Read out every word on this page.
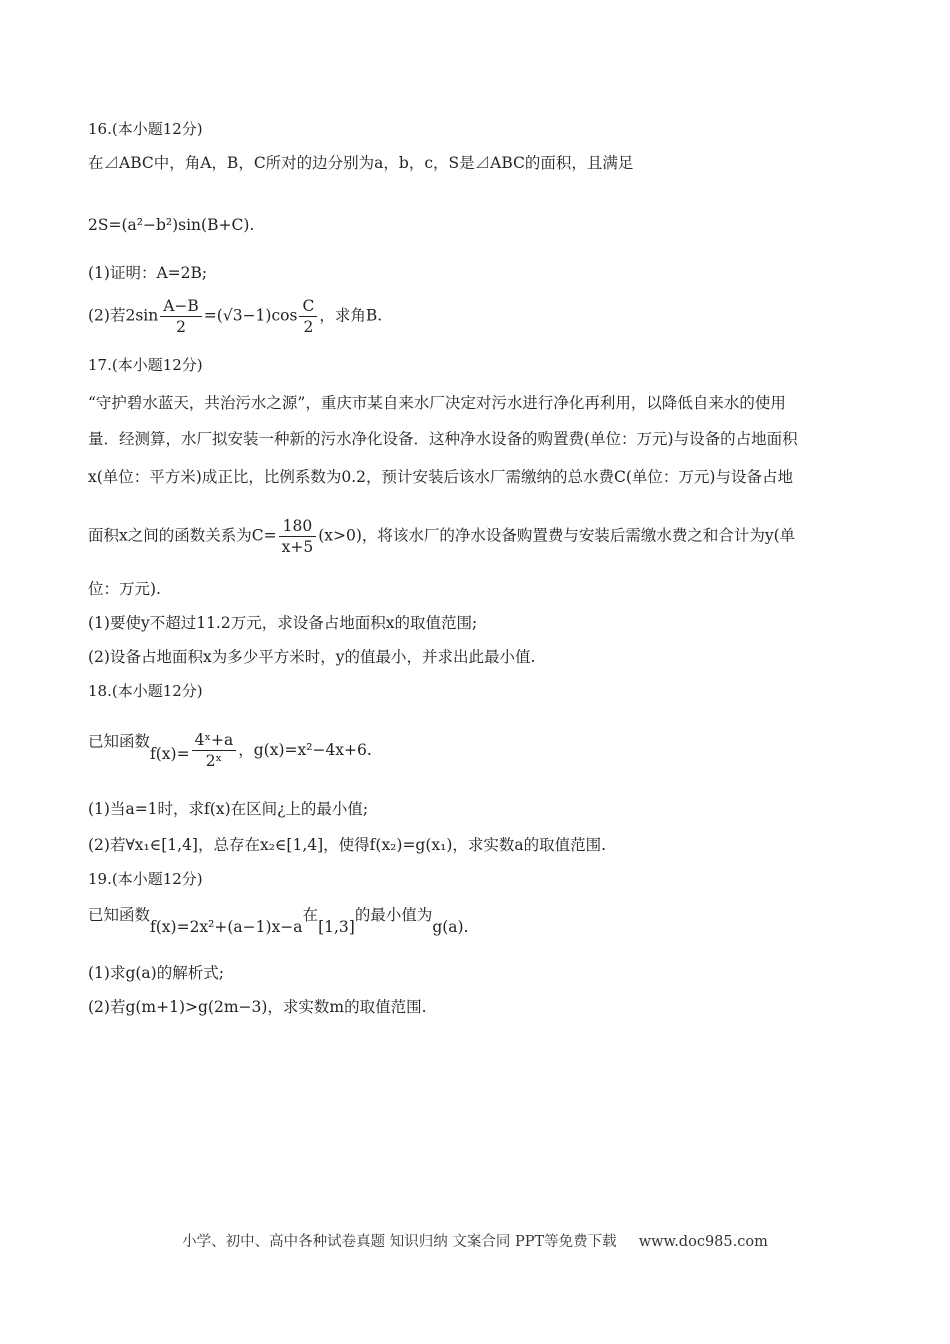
16.(本小题12分)
在⊿ABC中，角A，B，C所对的边分别为a，b，c，S是⊿ABC的面积，且满足
2S=(a²−b²)sin(B+C).
(1)证明：A=2B;
(2)若$2\sin \frac{A-B}{2} =(√3-1)\cos \frac{C}{2}$ ，求角B.
17.(本小题12分)
“守护碧水蓝天，共治污水之源”，重庆市某自来水厂决定对污水进行净化再利用，以降低自来水的使用
量．经测算，水厂拟安装一种新的污水净化设备．这种净水设备的购置费(单位：万元)与设备的占地面积
x(单位：平方米)成正比，比例系数为0.2，预计安装后该水厂需缴纳的总水费C(单位：万元)与设备占地
面积x之间的函数关系为$C= \frac{180}{x+5} (x>0)$，将该水厂的净水设备购置费与安装后需缴水费之和合计为y(单
位：万元).
(1)要使y不超过11.2万元，求设备占地面积x的取值范围;
(2)设备占地面积x为多少平方米时，y的值最小，并求出此最小值.
18.(本小题12分)
已知函数$f(x)= \frac{\text{4ˣ+a}}{\text{2ˣ}}$ ，g(x)=x²−4x+6.
(1)当a=1时，求f(x)在区间¿上的最小值;
(2)若∀x₁∈[1,4]，总存在x₂∈[1,4]，使得f(x₂)=g(x₁)，求实数a的取值范围.
19.(本小题12分)
已知函数f(x)=2x²+(a−1)x−a在[1,3]的最小值为g(a).
(1)求g(a)的解析式;
(2)若g(m+1)>g(2m−3)，求实数m的取值范围.
小学、初中、高中各种试卷真题 知识归纳 文案合同 PPT等免费下载 www.doc985.com
